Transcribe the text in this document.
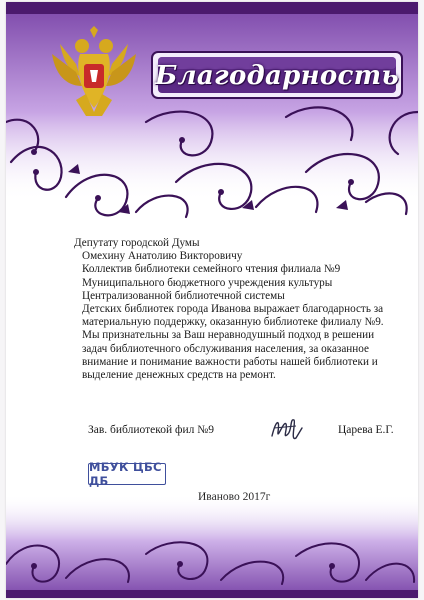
Благодарность
Депутату городской Думы
Омехину Анатолию Викторовичу
Коллектив библиотеки семейного чтения филиала №9
Муниципального бюджетного учреждения культуры
Централизованной библиотечной системы
Детских библиотек города Иванова выражает благодарность за
материальную поддержку, оказанную библиотеке филиалу №9.
Мы признательны за Ваш неравнодушный подход в решении
задач библиотечного обслуживания населения, за оказанное
внимание и понимание важности работы нашей библиотеки и
выделение денежных средств на ремонт.
Зав. библиотекой фил №9	Царева Е.Г.
МБУК ЦБС ДБ
